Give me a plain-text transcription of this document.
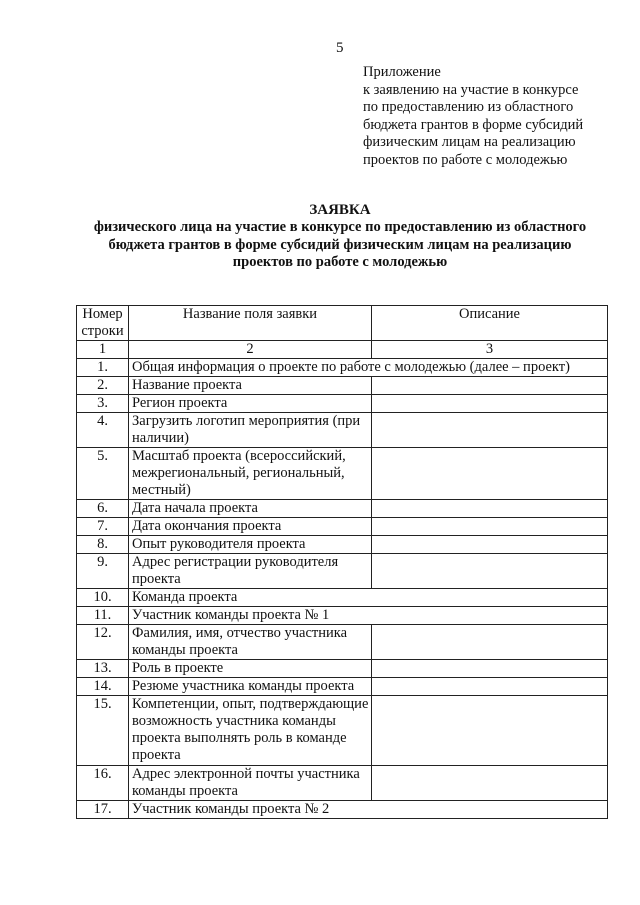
5
Приложение
к заявлению на участие в конкурсе
по предоставлению из областного
бюджета грантов в форме субсидий
физическим лицам на реализацию
проектов по работе с молодежью
ЗАЯВКА
физического лица на участие в конкурсе по предоставлению из областного
бюджета грантов в форме субсидий физическим лицам на реализацию
проектов по работе с молодежью
Номер строки	Название поля заявки	Описание
1	2	3
1.	Общая информация о проекте по работе с молодежью (далее – проект)	
2.	Название проекта	
3.	Регион проекта	
4.	Загрузить логотип мероприятия (при наличии)	
5.	Масштаб проекта (всероссийский, межрегиональный, региональный, местный)	
6.	Дата начала проекта	
7.	Дата окончания проекта	
8.	Опыт руководителя проекта	
9.	Адрес регистрации руководителя проекта	
10.	Команда проекта	
11.	Участник команды проекта № 1	
12.	Фамилия, имя, отчество участника команды проекта	
13.	Роль в проекте	
14.	Резюме участника команды проекта	
15.	Компетенции, опыт, подтверждающие возможность участника команды проекта выполнять роль в команде проекта	
16.	Адрес электронной почты участника команды проекта	
17.	Участник команды проекта № 2	
